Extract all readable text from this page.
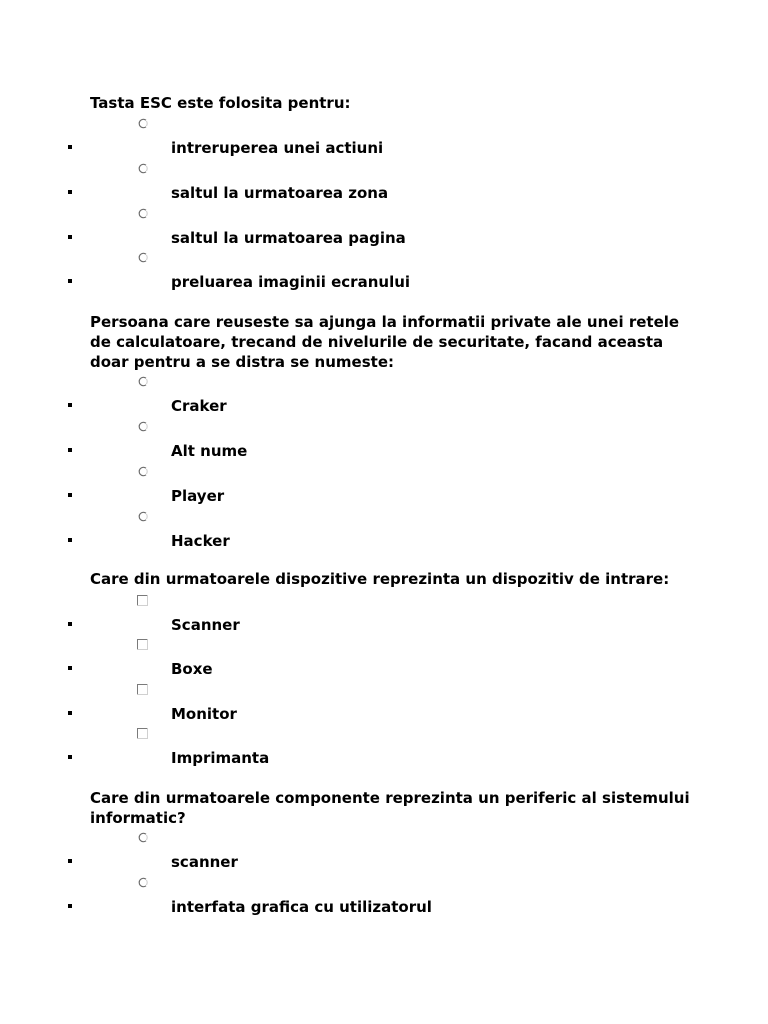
Tasta ESC este folosita pentru:

intreruperea unei actiuni
saltul la urmatoarea zona
saltul la urmatoarea pagina
preluarea imaginii ecranului

Persoana care reuseste sa ajunga la informatii private ale unei retele de calculatoare, trecand de nivelurile de securitate, facand aceasta doar pentru a se distra se numeste:

Craker
Alt nume
Player
Hacker

Care din urmatoarele dispozitive reprezinta un dispozitiv de intrare:

Scanner
Boxe
Monitor
Imprimanta

Care din urmatoarele componente reprezinta un periferic al sistemului informatic?

scanner
interfata grafica cu utilizatorul
